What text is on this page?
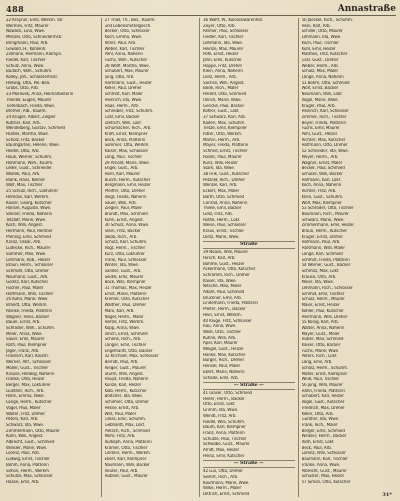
488	Annastraße
22 Krayner, Emil, Werkm. Str.
Wermes, Fritz, Maurer
Nowack, Lina, Wwe.
Menzel, Otto, Schneidermstr.
Bringmann, Paul, Arb.
Gewald, H., Kohlenh.
Zillmann, Hermann, Klempn.
Riedel, Karl, Tischler
Schulz, Anna, Wwe.
Budach, Wilh., Schuhm.
Kolley, Joh., Schlossermstr.
Hellwig, Otto, Pol.-Bea.
Grabs, Otto, Arb.
23 Moravek, Anna, Heimarbeiterin
Theidel, Eugen, Maurer
Tiefenbach, Frieda, Wwe.
Bremer, Alb., Kaufm.
24 Krüger, Albert, Ziegler
Kuttner, Karl, Arb.
Wendelberg, Gustav, Schmied
Hüttler, Martha, Wwe.
Scholz, Fritz, Bäcker
Baumgarten, Helene, Wwe.
Heidel, Otto, Arb.
Hauk, Werner, Schuhm.
Hohmann, Wilh., Kaufm.
Leder, Gust., Schneider
Woitek, Paul, Arb.
Blank, Hans, Kellner
Wolf, Max, Tischler
25 Schulz, Rich., Lokführer
Hemcke, Karl, Werkm.
Kaiser, Georg, Kutscher
Hänsel, Auguste, Wwe.
Steiner, Frieda, Näherin
Tetzlaff, Marie, Wwe.
Koch, Willi, Angest.
Hermann, Paul, Rentner
Pfennig, Emil, Schmied
Kranz, Oskar, Arb.
Lüdecke, Rich., Maurer
Sommer, Max, Wwe.
Lehmann, Rob., Heizer
Braun, Herm., Schlosser
Schmidt, Otto, Dreher
Neumann, Gust., Arb.
Görlitz, Karl, Kutscher
Fischer, Paul, Maler
Hoffmann, Willi, Tischler
26 Kühn, Marie, Wwe.
Brandt, Otto, Werkm.
Reinke, Frieda, Plätterin
Wagner, Hans, Bäcker
Bauer, Ernst, Arb.
Schröder, Wilh., Schuhm.
Meier, Anna, Wwe.
Sauer, Emil, Maurer
Roth, Paul, Klempner
Jäger, Franz, Arb.
Friedrich, Karl, Kaufm.
Werner, Alfr., Schlosser
Möller, Gust., Tischler
Krause, Hedwig, Näherin
Franke, Otto, Heizer
Berger, Max, Lokführer
Günther, Rich., Arb.
Hahn, Emma, Wwe.
Lange, Herm., Kutscher
Vogel, Paul, Maler
Walter, Fritz, Dreher
Peters, Karl, Arb.
Schwarz, Ida, Wwe.
Zimmermann, Otto, Maurer
Kuhn, Willi, Angest.
Albrecht, Gust., Schmied
Winkler, Marie, Wwe.
Lorenz, Paul, Arb.
Ludwig, Ernst, Tischler
Böhm, Anna, Plätterin
Simon, Herm., Werkm.
Schulze, Max, Schlosser
Haase, Emil, Arb.
27 Thiel, Th., Bes., Kaufm.
und Lebensmittelgesch.
Becker, Otto, Schlosser
Koch, Emma, Wwe.
Ritter, Paul, Arb.
Weber, Karl, Tischler
Pohl, Anna, Näherin
Fuchs, Wilh., Kutscher
28 Wolff, Martha, Wwe.
Schubert, Max, Maurer
Jung, Otto, Arb.
Hartmann, Gust., Heizer
Keller, Paul, Dreher
Schmitt, Karl, Maler
Heinrich, Ida, Wwe.
Haas, Herm., Arb.
Schreiber, Fritz, Schuhm.
Graf, Emil, Bäcker
Dietrich, Willi, Lokf.
Schumacher, Rich., Arb.
Kraft, Ernst, Klempner
Beck, Anna, Plätterin
Sommer, Otto, Werkm.
Kaiser, Max, Schlosser
Lang, Paul, Tischler
29 Arnold, Marie, Wwe.
Engel, Gust., Arb.
Horn, Karl, Maurer
Busch, Herm., Kutscher
Bergmann, Emil, Heizer
Pfeiffer, Otto, Dreher
Voigt, Frieda, Näherin
Sauer, Willi, Arb.
Ziegler, Paul, Maler
Brandt, Max, Schmied
Kühn, Ernst, Angest.
30 Schulz, Anna, Wwe.
Stein, Fritz, Bäcker
Jakob, Rich., Arb.
Schütz, Karl, Schuhm.
Vogt, Herm., Tischler
Kurz, Otto, Lokführer
Frank, Paul, Schlosser
Winter, Ida, Wwe.
Sander, Gust., Arb.
Seidel, Emil, Maurer
Bock, Willi, Klempner
31 Thomas, Max, Heizer
Ernst, Marie, Plätterin
Kremer, Otto, Kutscher
Walther, Paul, Dreher
Marx, Karl, Arb.
Nagel, Herm., Maler
Hertel, Fritz, Werkm.
Kopp, Anna, Wwe.
Ulrich, Ernst, Schmied
Schenk, Rich., Arb.
Langer, Emil, Tischler
Engelhardt, Otto, Bäcker
32 Kirchner, Max, Schlosser
Berndt, Paul, Arb.
Rieger, Gust., Maurer
Sturm, Willi, Angest.
Haupt, Frieda, Näherin
Kunze, Karl, Heizer
Kolb, Herm., Kutscher
Böttcher, Ida, Wwe.
Schirmer, Otto, Dreher
Hesse, Ernst, Arb.
Witt, Paul, Maler
Gross, Emil, Schuhm.
Gebhardt, Max, Lokf.
Pietsch, Rich., Schmied
Mohr, Fritz, Arb.
Rudolph, Anna, Plätterin
Kramer, Otto, Tischler
Lindner, Herm., Werkm.
Ebert, Karl, Klempner
Naumann, Willi, Bäcker
Reuter, Paul, Arb.
Hübner, Gust., Maurer
36 Wolff, W., Kolonialwarenhdl.
Zeyer, Otto, Arb.
Reimer, Paul, Schlosser
Fiedler, Karl, Tischler
Lehmann, Ida, Wwe.
Heinze, Max, Maurer
Pohl, Ernst, Heizer
Jahn, Emil, Kutscher
Hoppe, Fritz, Dreher
Klein, Anna, Näherin
Lenz, Herm., Arb.
Sachse, Willi, Angest.
Bode, Rich., Maler
Herold, Otto, Schmied
Ullrich, Marie, Wwe.
Gericke, Paul, Bäcker
Köhler, Gust., Lokf.
37 Schwarz, Karl, Arb.
Kaden, Max, Schuhm.
Tietze, Emil, Klempner
Ritter, Otto, Werkm.
Martin, Herm., Arb.
Mayer, Frieda, Plätterin
Schmid, Ernst, Tischler
Rösler, Paul, Maurer
Kunz, Willi, Heizer
Stark, Ida, Wwe.
38 Fink, Gust., Kutscher
Petzold, Rich., Dreher
Wenzel, Karl, Arb.
Eckert, Max, Maler
Barth, Otto, Schmied
Conrad, Anna, Näherin
Thiele, Emil, Bäcker
Götz, Fritz, Arb.
Rothe, Herm., Lokf.
Weise, Paul, Schlosser
Kraus, Ernst, Tischler
Dietz, Marie, Wwe.
Straße
39 Noack, Willi, Maurer
Hirsch, Karl, Arb.
Böhme, Gust., Heizer
Ackermann, Otto, Kutscher
Schramm, Rich., Dreher
Kaiser, Ida, Wwe.
Nitsche, Max, Maler
Adam, Paul, Schmied
Brückner, Emil, Arb.
Lindemann, Frieda, Plätterin
Pfeifer, Herm., Bäcker
Hein, Ernst, Werkm.
40 Kluge, Fritz, Schlosser
Rau, Anna, Wwe.
Weiß, Otto, Tischler
Kühne, Willi, Arb.
Apel, Karl, Maurer
Weigel, Gust., Heizer
Hanke, Max, Kutscher
Bürger, Rich., Dreher
Hensel, Paul, Maler
Ebert, Marie, Näherin
Schade, Emil, Arb.
— Straße —
41 Glaser, Otto, Schmied
Heller, Herm., Bäcker
Otto, Ernst, Lokf.
Grimm, Ida, Wwe.
Wendt, Fritz, Arb.
Riedel, Willi, Schuhm.
Baum, Karl, Klempner
Franz, Anna, Plätterin
Schütze, Paul, Tischler
Schwabe, Gust., Maurer
Arndt, Max, Heizer
Heinz, Emil, Kutscher
— Straße —
42 Lux, Otto, Dreher
Seifert, Rich., Arb.
Kaufmann, Marie, Wwe.
Wilke, Herm., Maler
Dittrich, Ernst, Schmied
50 Jaeckel, Rich., Schuhm.
Hein, Karl, Arb.
Schiller, Otto, Maurer
Lehmann, Ida, Wwe.
Koch, Paul, Tischler
Kühl, Emil, Heizer
Matthes, Fritz, Kutscher
Graf, Gust., Dreher
Weber, Herm., Arb.
Schulz, Max, Maler
Lange, Anna, Näherin
51 Böhm, Otto, Schmied
Wolf, Ernst, Bäcker
Neumann, Willi, Lokf.
Vogel, Marie, Wwe.
Krüger, Paul, Arb.
Heinrich, Karl, Schlosser
Zimmer, Rich., Tischler
Beyer, Frieda, Plätterin
Fuchs, Emil, Maurer
Pohl, Gust., Heizer
Richter, Max, Kutscher
Hoffmann, Otto, Dreher
52 Schneider, Ida, Wwe.
Meyer, Herm., Arb.
Wagner, Ernst, Maler
Becker, Paul, Schmied
Schulze, Willi, Bäcker
Hofmann, Karl, Lokf.
Koch, Anna, Näherin
Richter, Fritz, Arb.
Klein, Gust., Schuhm.
Wolf, Max, Klempner
53 Schröder, Otto, Tischler
Neumann, Rich., Maurer
Schwarz, Marie, Wwe.
Zimmermann, Emil, Heizer
Braun, Herm., Kutscher
Krüger, Ernst, Dreher
Hofmann, Paul, Arb.
Hartmann, Willi, Maler
Lange, Karl, Schmied
Schmitt, Frieda, Plätterin
54 Werner, Gust., Bäcker
Schmitz, Max, Lokf.
Krause, Otto, Arb.
Meier, Ida, Wwe.
Lehmann, Rich., Schlosser
Schmid, Emil, Tischler
Schulz, Herm., Maurer
Maier, Ernst, Heizer
Köhler, Paul, Kutscher
Herrmann, Willi, Dreher
55 König, Karl, Arb.
Walter, Anna, Näherin
Mayer, Gust., Maler
Huber, Max, Schmied
Kaiser, Otto, Bäcker
Fuchs, Marie, Wwe.
Peters, Rich., Lokf.
Lang, Emil, Arb.
Scholz, Herm., Schuhm.
Möller, Ernst, Klempner
Weiß, Paul, Tischler
56 Jung, Willi, Maurer
Hahn, Frieda, Plätterin
Schubert, Karl, Heizer
Vogel, Gust., Kutscher
Friedrich, Max, Dreher
Keller, Otto, Arb.
Günther, Ida, Wwe.
Frank, Rich., Maler
Berger, Emil, Schmied
Winkler, Herm., Bäcker
Roth, Ernst, Lokf.
Beck, Paul, Arb.
Lorenz, Willi, Schlosser
Baumann, Karl, Tischler
Franke, Anna, Wwe.
Albrecht, Gust., Maurer
Schuster, Max, Heizer
57 Simon, Otto, Kutscher
31*
